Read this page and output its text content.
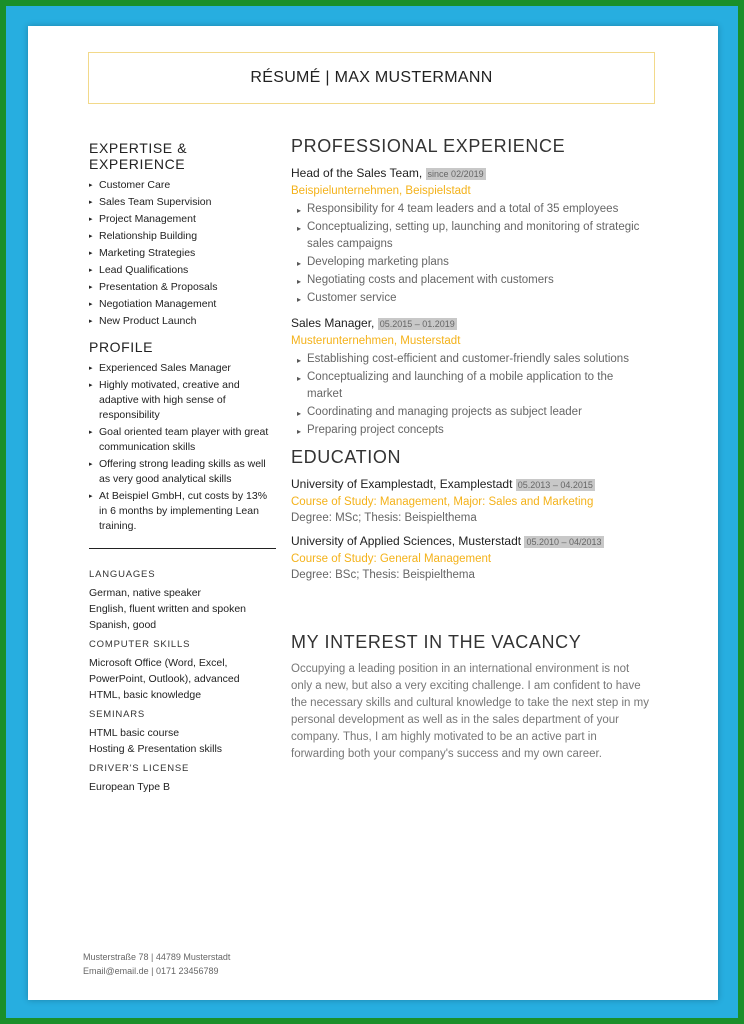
RÉSUMÉ | MAX MUSTERMANN
EXPERTISE & EXPERIENCE
▸ Customer Care
▸ Sales Team Supervision
▸ Project Management
▸ Relationship Building
▸ Marketing Strategies
▸ Lead Qualifications
▸ Presentation & Proposals
▸ Negotiation Management
▸ New Product Launch
PROFILE
▸ Experienced Sales Manager
▸ Highly motivated, creative and adaptive with high sense of responsibility
▸ Goal oriented team player with great communication skills
▸ Offering strong leading skills as well as very good analytical skills
▸ At Beispiel GmbH, cut costs by 13% in 6 months by implementing Lean training.
LANGUAGES
German, native speaker
English, fluent written and spoken
Spanish, good
COMPUTER SKILLS
Microsoft Office (Word, Excel,
PowerPoint, Outlook), advanced
HTML, basic knowledge
SEMINARS
HTML basic course
Hosting & Presentation skills
DRIVER'S LICENSE
European Type B
PROFESSIONAL EXPERIENCE
Head of the Sales Team, since 02/2019
Beispielunternehmen, Beispielstadt
▸ Responsibility for 4 team leaders and a total of 35 employees
▸ Conceptualizing, setting up, launching and monitoring of strategic sales campaigns
▸ Developing marketing plans
▸ Negotiating costs and placement with customers
▸ Customer service
Sales Manager, 05.2015 – 01.2019
Musterunternehmen, Musterstadt
▸ Establishing cost-efficient and customer-friendly sales solutions
▸ Conceptualizing and launching of a mobile application to the market
▸ Coordinating and managing projects as subject leader
▸ Preparing project concepts
EDUCATION
University of Examplestadt, Examplestadt 05.2013 – 04.2015
Course of Study: Management, Major: Sales and Marketing
Degree: MSc; Thesis: Beispielthema
University of Applied Sciences, Musterstadt 05.2010 – 04/2013
Course of Study: General Management
Degree: BSc; Thesis: Beispielthema
MY INTEREST IN THE VACANCY

Occupying a leading position in an international environment is not only a new, but also a very exciting challenge. I am confident to have the necessary skills and cultural knowledge to take the next step in my personal development as well as in the sales department of your company. Thus, I am highly motivated to be an active part in forwarding both your company's success and my own career.

Musterstraße 78 | 44789 Musterstadt
Email@email.de | 0171 23456789
